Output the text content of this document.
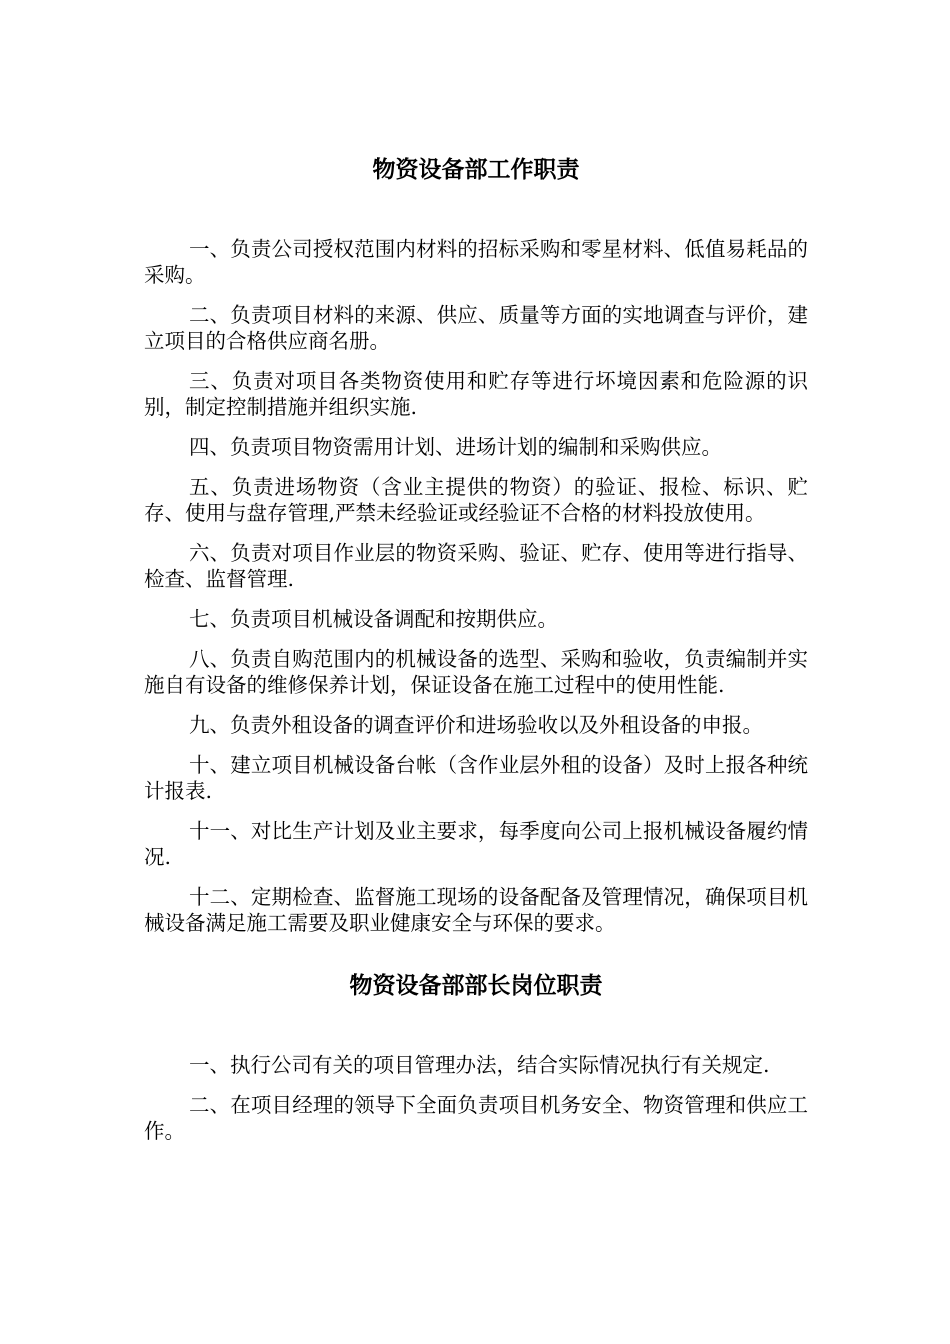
物资设备部工作职责

一、负责公司授权范围内材料的招标采购和零星材料、低值易耗品的采购。

二、负责项目材料的来源、供应、质量等方面的实地调查与评价，建立项目的合格供应商名册。

三、负责对项目各类物资使用和贮存等进行坏境因素和危险源的识别，制定控制措施并组织实施.

四、负责项目物资需用计划、进场计划的编制和采购供应。

五、负责进场物资（含业主提供的物资）的验证、报检、标识、贮存、使用与盘存管理,严禁未经验证或经验证不合格的材料投放使用。

六、负责对项目作业层的物资采购、验证、贮存、使用等进行指导、检查、监督管理.

七、负责项目机械设备调配和按期供应。

八、负责自购范围内的机械设备的选型、采购和验收，负责编制并实施自有设备的维修保养计划，保证设备在施工过程中的使用性能.

九、负责外租设备的调查评价和进场验收以及外租设备的申报。

十、建立项目机械设备台帐（含作业层外租的设备）及时上报各种统计报表.

十一、对比生产计划及业主要求，每季度向公司上报机械设备履约情况.

十二、定期检查、监督施工现场的设备配备及管理情况，确保项目机械设备满足施工需要及职业健康安全与环保的要求。

物资设备部部长岗位职责

一、执行公司有关的项目管理办法，结合实际情况执行有关规定.

二、在项目经理的领导下全面负责项目机务安全、物资管理和供应工作。
